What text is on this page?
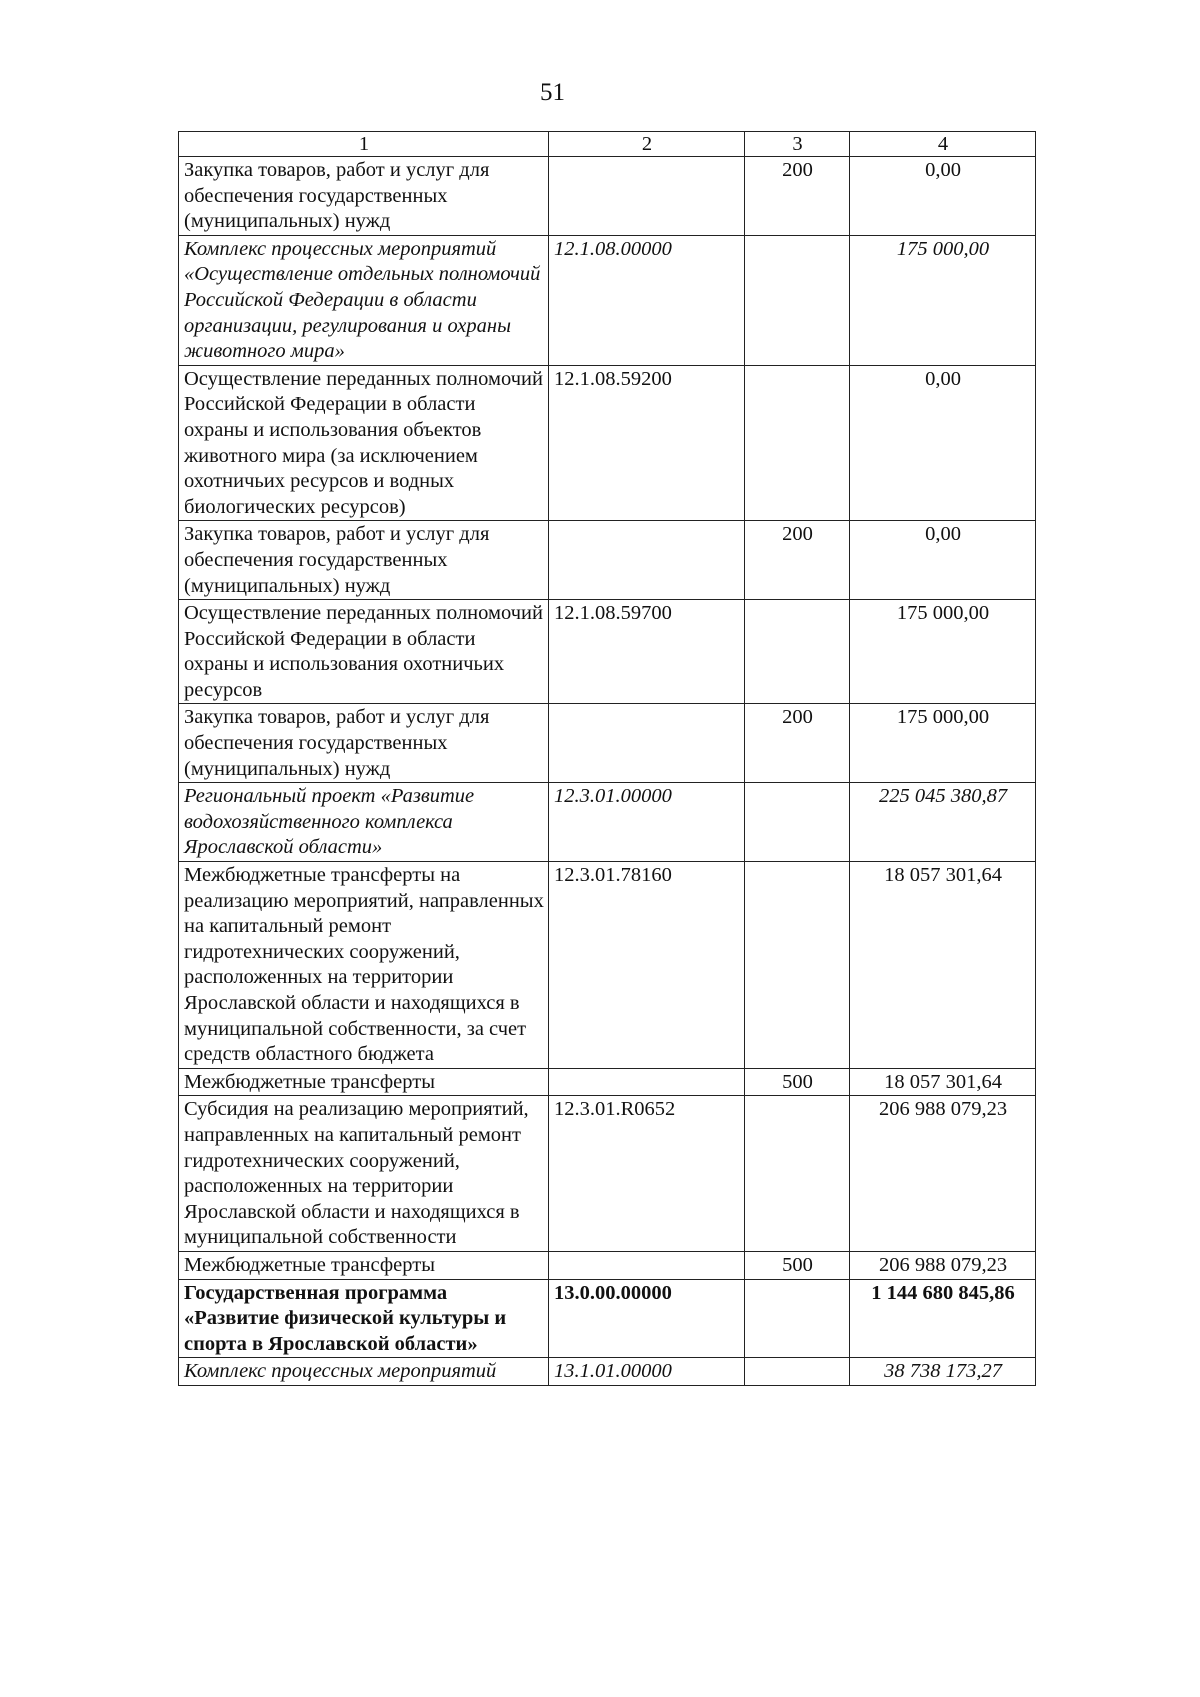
51
1	2	3	4
Закупка товаров, работ и услуг для обеспечения государственных (муниципальных) нужд		200	0,00
Комплекс процессных мероприятий «Осуществление отдельных полномочий Российской Федерации в области организации, регулирования и охраны животного мира»	12.1.08.00000		175 000,00
Осуществление переданных полномочий Российской Федерации в области охраны и использования объектов животного мира (за исключением охотничьих ресурсов и водных биологических ресурсов)	12.1.08.59200		0,00
Закупка товаров, работ и услуг для обеспечения государственных (муниципальных) нужд		200	0,00
Осуществление переданных полномочий Российской Федерации в области охраны и использования охотничьих ресурсов	12.1.08.59700		175 000,00
Закупка товаров, работ и услуг для обеспечения государственных (муниципальных) нужд		200	175 000,00
Региональный проект «Развитие водохозяйственного комплекса Ярославской области»	12.3.01.00000		225 045 380,87
Межбюджетные трансферты на реализацию мероприятий, направленных на капитальный ремонт гидротехнических сооружений, расположенных на территории Ярославской области и находящихся в муниципальной собственности, за счет средств областного бюджета	12.3.01.78160		18 057 301,64
Межбюджетные трансферты		500	18 057 301,64
Субсидия на реализацию мероприятий, направленных на капитальный ремонт гидротехнических сооружений, расположенных на территории Ярославской области и находящихся в муниципальной собственности	12.3.01.R0652		206 988 079,23
Межбюджетные трансферты		500	206 988 079,23
Государственная программа «Развитие физической культуры и спорта в Ярославской области»	13.0.00.00000		1 144 680 845,86
Комплекс процессных мероприятий	13.1.01.00000		38 738 173,27
